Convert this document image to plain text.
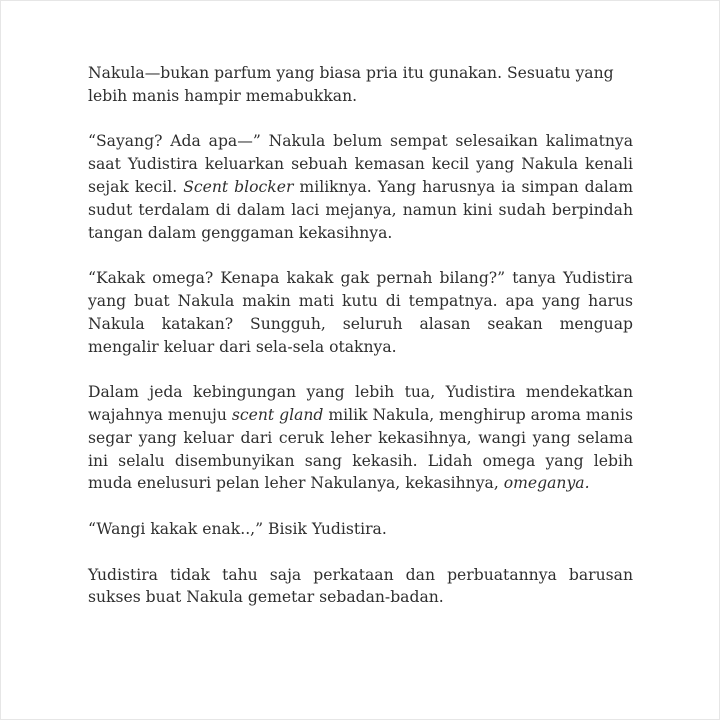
Nakula—bukan parfum yang biasa pria itu gunakan. Sesuatu yang lebih manis hampir memabukkan.

“Sayang? Ada apa—” Nakula belum sempat selesaikan kalimatnya saat Yudistira keluarkan sebuah kemasan kecil yang Nakula kenali sejak kecil. Scent blocker miliknya. Yang harusnya ia simpan dalam sudut terdalam di dalam laci mejanya, namun kini sudah berpindah tangan dalam genggaman kekasihnya.

“Kakak omega? Kenapa kakak gak pernah bilang?” tanya Yudistira yang buat Nakula makin mati kutu di tempatnya. apa yang harus Nakula katakan? Sungguh, seluruh alasan seakan menguap mengalir keluar dari sela-sela otaknya.

Dalam jeda kebingungan yang lebih tua, Yudistira mendekatkan wajahnya menuju scent gland milik Nakula, menghirup aroma manis segar yang keluar dari ceruk leher kekasihnya, wangi yang selama ini selalu disembunyikan sang kekasih. Lidah omega yang lebih muda enelusuri pelan leher Nakulanya, kekasihnya, omeganya.

“Wangi kakak enak..,” Bisik Yudistira.

Yudistira tidak tahu saja perkataan dan perbuatannya barusan sukses buat Nakula gemetar sebadan-badan.
